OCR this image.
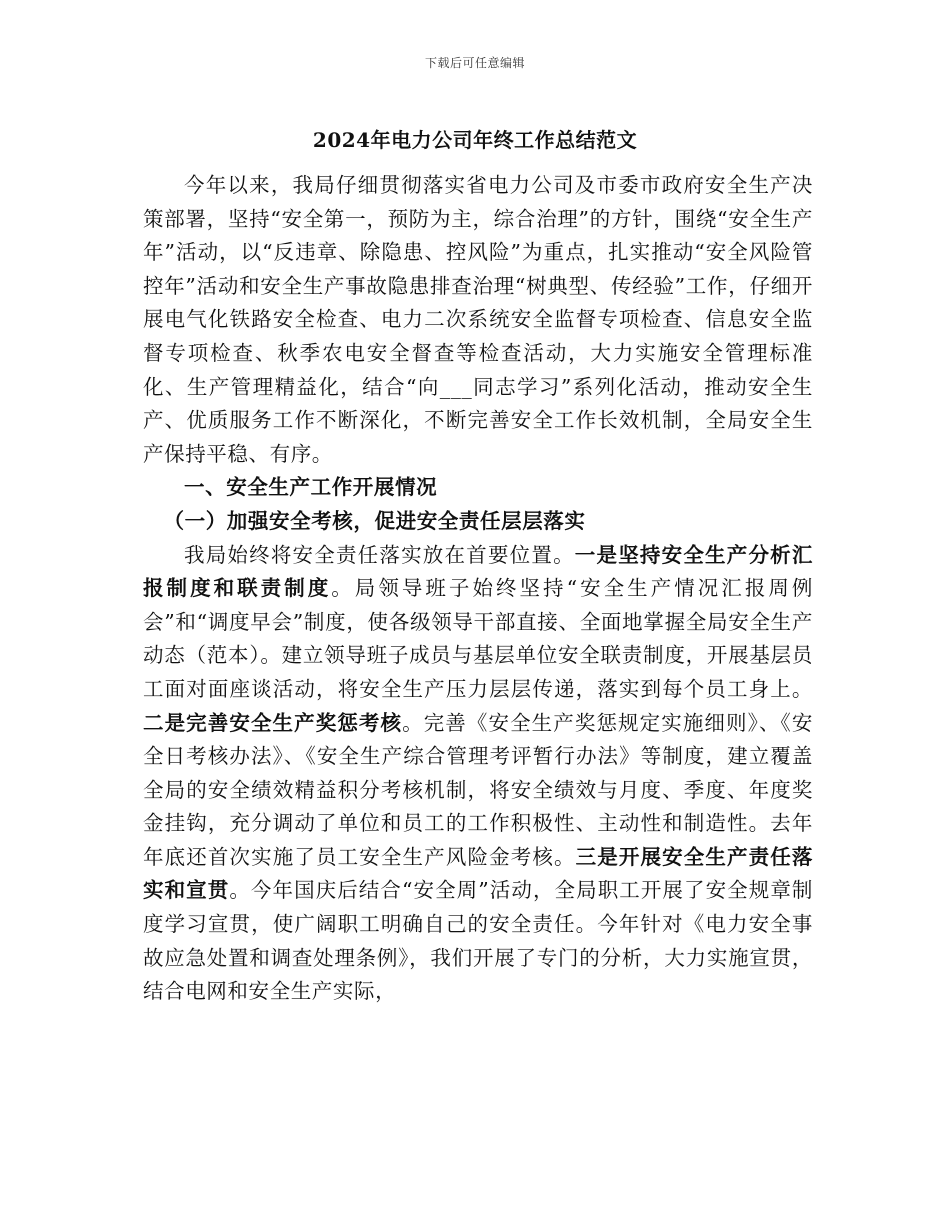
下载后可任意编辑
2024年电力公司年终工作总结范文

今年以来，我局仔细贯彻落实省电力公司及市委市政府安全生产决策部署，坚持“安全第一，预防为主，综合治理”的方针，围绕“安全生产年”活动，以“反违章、除隐患、控风险”为重点，扎实推动“安全风险管控年”活动和安全生产事故隐患排查治理“树典型、传经验”工作，仔细开展电气化铁路安全检查、电力二次系统安全监督专项检查、信息安全监督专项检查、秋季农电安全督查等检查活动，大力实施安全管理标准化、生产管理精益化，结合“向___同志学习”系列化活动，推动安全生产、优质服务工作不断深化，不断完善安全工作长效机制，全局安全生产保持平稳、有序。

一、安全生产工作开展情况

（一）加强安全考核，促进安全责任层层落实

我局始终将安全责任落实放在首要位置。一是坚持安全生产分析汇报制度和联责制度。局领导班子始终坚持“安全生产情况汇报周例会”和“调度早会”制度，使各级领导干部直接、全面地掌握全局安全生产动态（范本）。建立领导班子成员与基层单位安全联责制度，开展基层员工面对面座谈活动，将安全生产压力层层传递，落实到每个员工身上。二是完善安全生产奖惩考核。完善《安全生产奖惩规定实施细则》、《安全日考核办法》、《安全生产综合管理考评暂行办法》等制度，建立覆盖全局的安全绩效精益积分考核机制，将安全绩效与月度、季度、年度奖金挂钩，充分调动了单位和员工的工作积极性、主动性和制造性。去年年底还首次实施了员工安全生产风险金考核。三是开展安全生产责任落实和宣贯。今年国庆后结合“安全周”活动，全局职工开展了安全规章制度学习宣贯，使广阔职工明确自己的安全责任。今年针对《电力安全事故应急处置和调查处理条例》，我们开展了专门的分析，大力实施宣贯，结合电网和安全生产实际，
